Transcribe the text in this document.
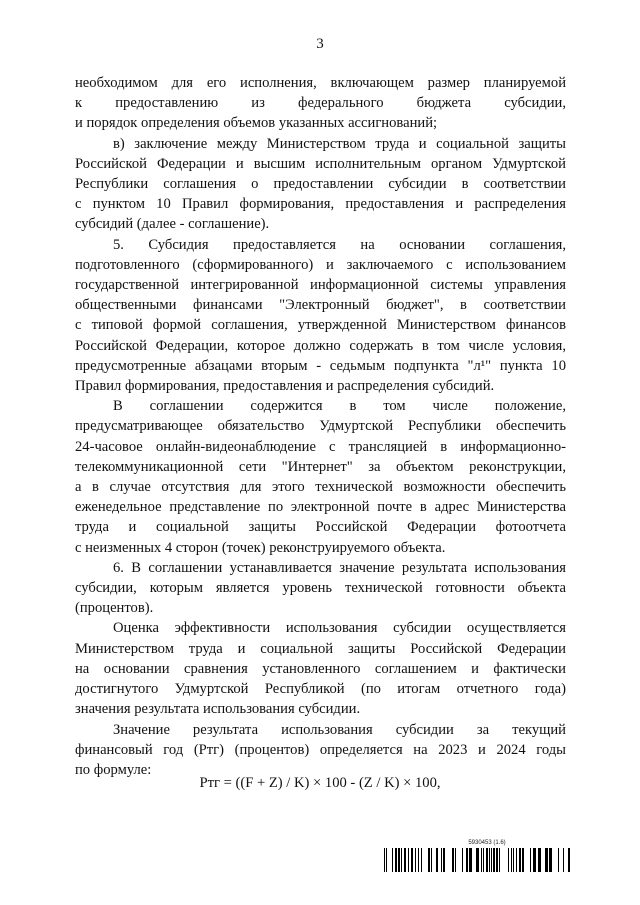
3
необходимом для его исполнения, включающем размер планируемой
к предоставлению из федерального бюджета субсидии,
и порядок определения объемов указанных ассигнований;
в) заключение между Министерством труда и социальной защиты
Российской Федерации и высшим исполнительным органом Удмуртской
Республики соглашения о предоставлении субсидии в соответствии
с пунктом 10 Правил формирования, предоставления и распределения
субсидий (далее - соглашение).
5. Субсидия предоставляется на основании соглашения,
подготовленного (сформированного) и заключаемого с использованием
государственной интегрированной информационной системы управления
общественными финансами "Электронный бюджет", в соответствии
с типовой формой соглашения, утвержденной Министерством финансов
Российской Федерации, которое должно содержать в том числе условия,
предусмотренные абзацами вторым - седьмым подпункта "л¹" пункта 10
Правил формирования, предоставления и распределения субсидий.
В соглашении содержится в том числе положение,
предусматривающее обязательство Удмуртской Республики обеспечить
24-часовое онлайн-видеонаблюдение с трансляцией в информационно-
телекоммуникационной сети "Интернет" за объектом реконструкции,
а в случае отсутствия для этого технической возможности обеспечить
еженедельное представление по электронной почте в адрес Министерства
труда и социальной защиты Российской Федерации фотоотчета
с неизменных 4 сторон (точек) реконструируемого объекта.
6. В соглашении устанавливается значение результата использования
субсидии, которым является уровень технической готовности объекта
(процентов).
Оценка эффективности использования субсидии осуществляется
Министерством труда и социальной защиты Российской Федерации
на основании сравнения установленного соглашением и фактически
достигнутого Удмуртской Республикой (по итогам отчетного года)
значения результата использования субсидии.
Значение результата использования субсидии за текущий
финансовый год (Pтг) (процентов) определяется на 2023 и 2024 годы
по формуле:
Pтг = ((F + Z) / K) × 100 - (Z / K) × 100,
5930453 (1.6)
